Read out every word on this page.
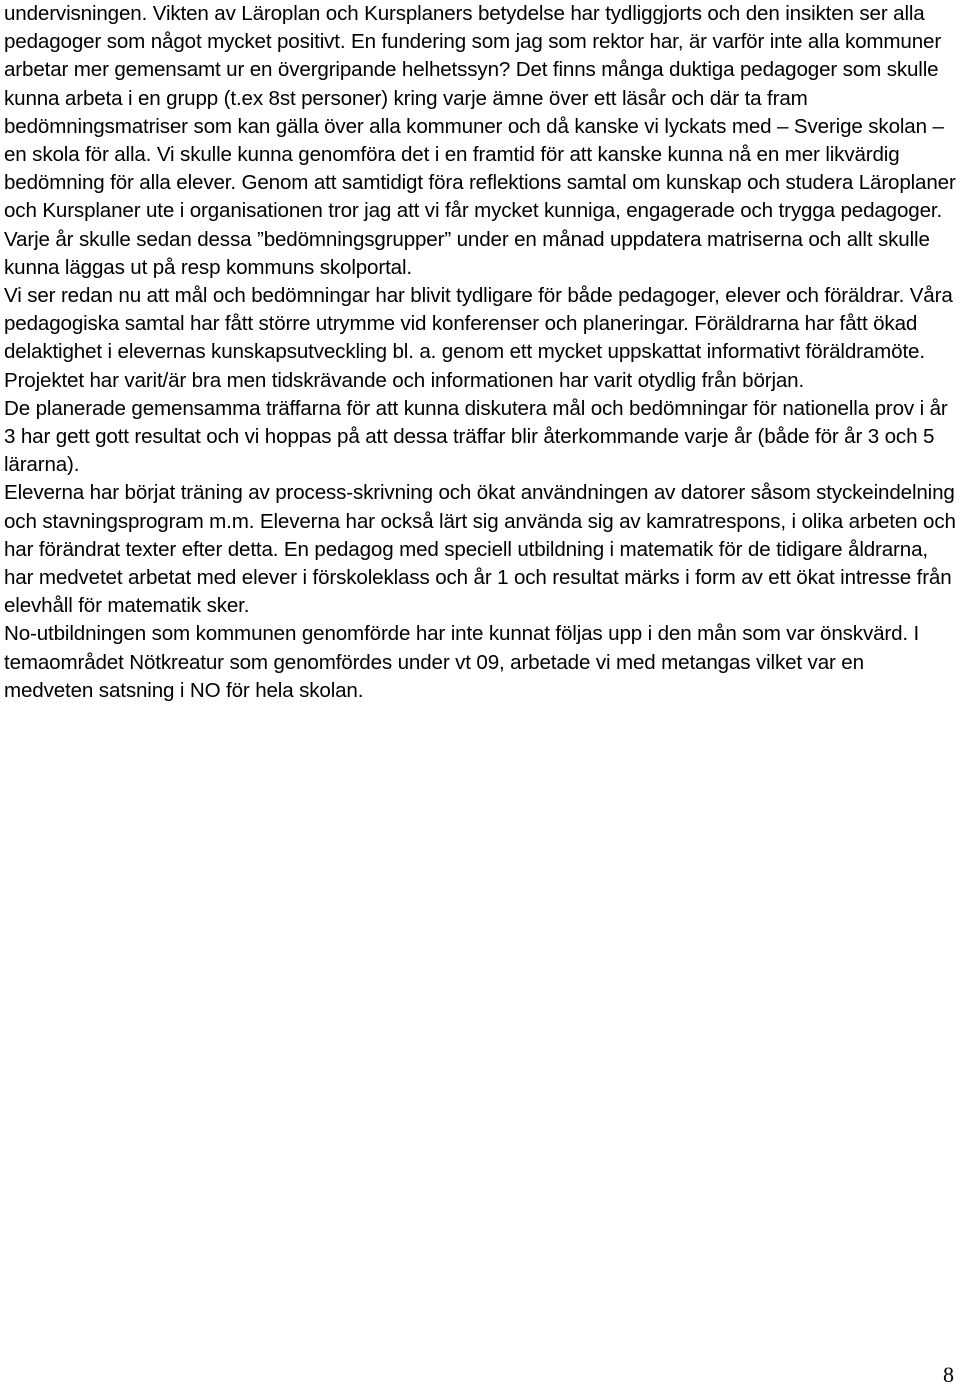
undervisningen. Vikten av Läroplan och Kursplaners betydelse har tydliggjorts och den insikten ser alla pedagoger som något mycket positivt. En fundering som jag som rektor har, är varför inte alla kommuner arbetar mer gemensamt ur en övergripande helhetssyn? Det finns många duktiga pedagoger som skulle kunna arbeta i en grupp (t.ex 8st personer) kring varje ämne över ett läsår och där ta fram bedömningsmatriser som kan gälla över alla kommuner och då kanske vi lyckats med – Sverige skolan – en skola för alla. Vi skulle kunna genomföra det i en framtid för att kanske kunna nå en mer likvärdig bedömning för alla elever. Genom att samtidigt föra reflektions samtal om kunskap och studera Läroplaner och Kursplaner ute i organisationen tror jag att vi får mycket kunniga, engagerade och trygga pedagoger. Varje år skulle sedan dessa ”bedömningsgrupper” under en månad uppdatera matriserna och allt skulle kunna läggas ut på resp kommuns skolportal.

Vi ser redan nu att mål och bedömningar har blivit tydligare för både pedagoger, elever och föräldrar. Våra pedagogiska samtal har fått större utrymme vid konferenser och planeringar. Föräldrarna har fått ökad delaktighet i elevernas kunskapsutveckling bl. a. genom ett mycket uppskattat informativt föräldramöte.

Projektet har varit/är bra men tidskrävande och informationen har varit otydlig från början.

De planerade gemensamma träffarna för att kunna diskutera mål och bedömningar för nationella prov i år 3 har gett gott resultat och vi hoppas på att dessa träffar blir återkommande varje år (både för år 3 och 5 lärarna).

Eleverna har börjat träning av process-skrivning och ökat användningen av datorer såsom styckeindelning och stavningsprogram m.m. Eleverna har också lärt sig använda sig av kamratrespons, i olika arbeten och har förändrat texter efter detta. En pedagog med speciell utbildning i matematik för de tidigare åldrarna, har medvetet arbetat med elever i förskoleklass och år 1 och resultat märks i form av ett ökat intresse från elevhåll för matematik sker.

No-utbildningen som kommunen genomförde har inte kunnat följas upp i den mån som var önskvärd. I temaområdet Nötkreatur som genomfördes under vt 09, arbetade vi med metangas vilket var en medveten satsning i NO för hela skolan.

8
